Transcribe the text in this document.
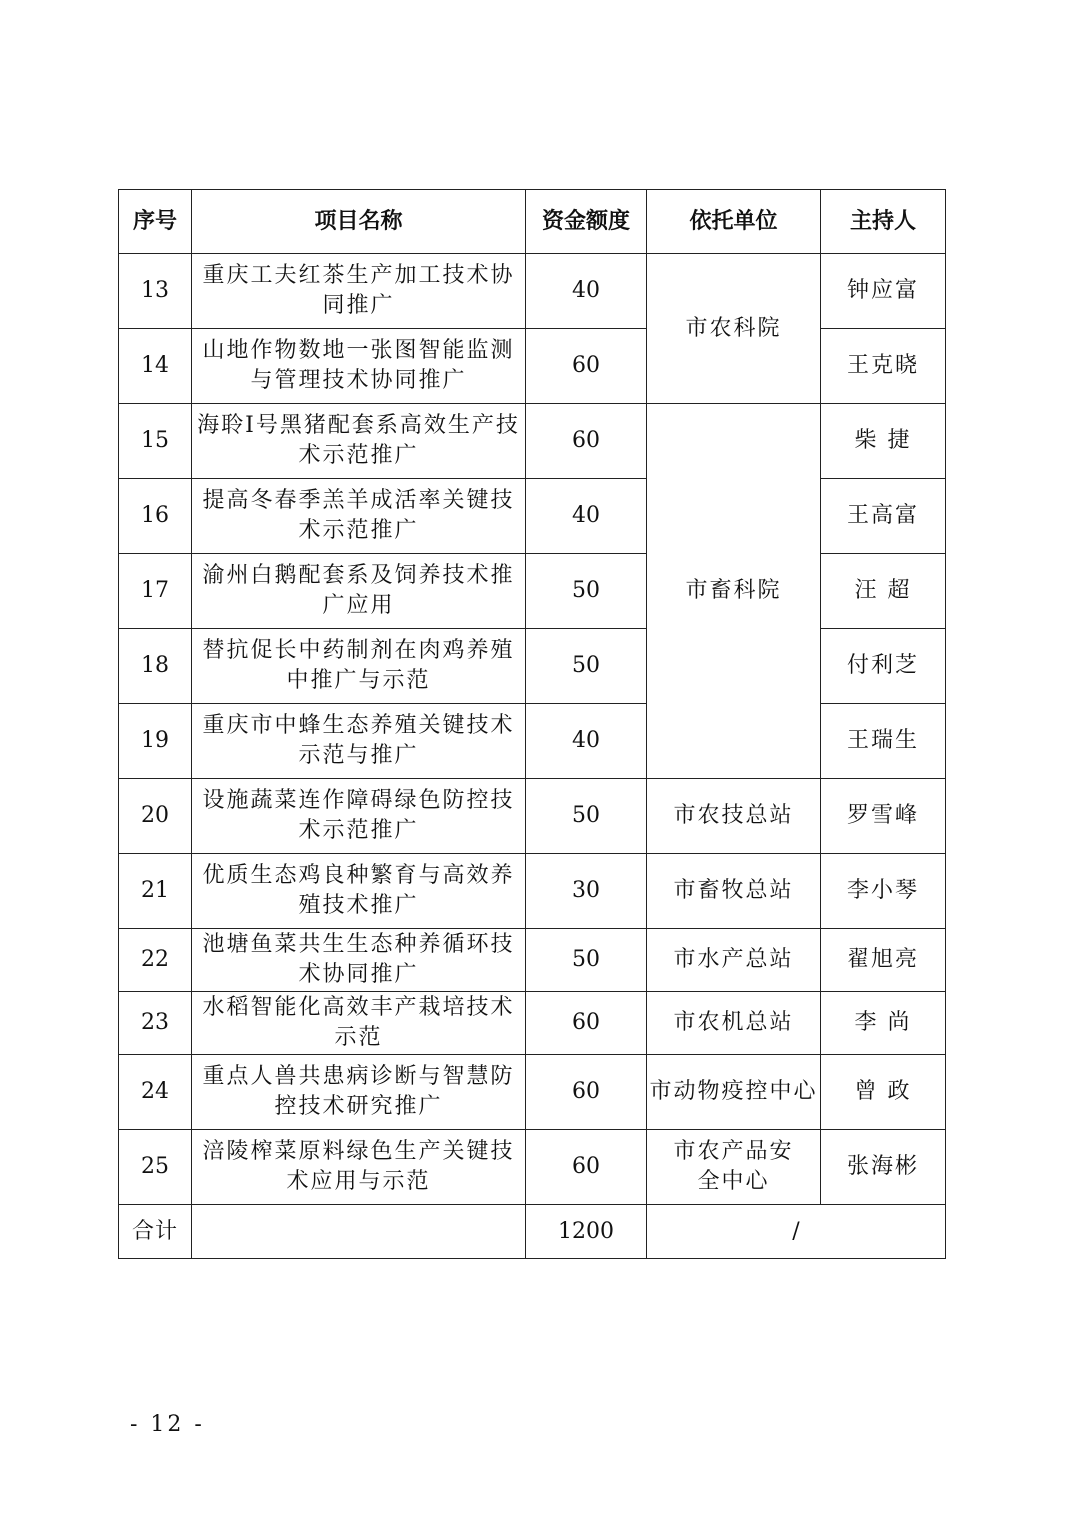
序号	项目名称	资金额度	依托单位	主持人
13	重庆工夫红茶生产加工技术协同推广	40	市农科院	钟应富
14	山地作物数地一张图智能监测与管理技术协同推广	60		王克晓
15	海聆Ⅰ号黑猪配套系高效生产技术示范推广	60	市畜科院	柴 捷
16	提高冬春季羔羊成活率关键技术示范推广	40		王高富
17	渝州白鹅配套系及饲养技术推广应用	50		汪 超
18	替抗促长中药制剂在肉鸡养殖中推广与示范	50		付利芝
19	重庆市中蜂生态养殖关键技术示范与推广	40		王瑞生
20	设施蔬菜连作障碍绿色防控技术示范推广	50	市农技总站	罗雪峰
21	优质生态鸡良种繁育与高效养殖技术推广	30	市畜牧总站	李小琴
22	池塘鱼菜共生生态种养循环技术协同推广	50	市水产总站	翟旭亮
23	水稻智能化高效丰产栽培技术示范	60	市农机总站	李 尚
24	重点人兽共患病诊断与智慧防控技术研究推广	60	市动物疫控中心	曾 政
25	涪陵榨菜原料绿色生产关键技术应用与示范	60	市农产品安全中心	张海彬
合计		1200	/	
- 12 -
